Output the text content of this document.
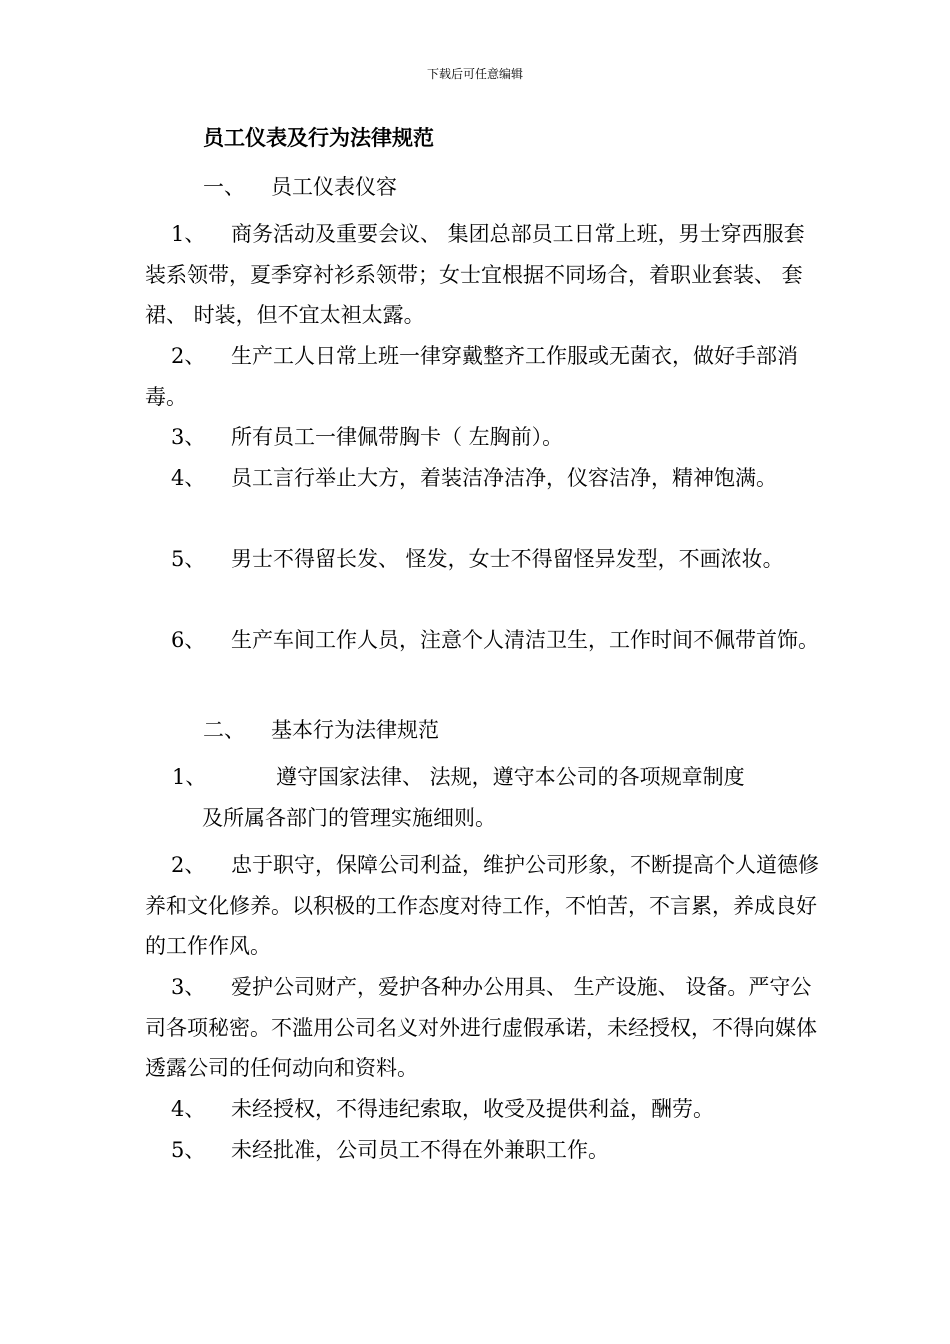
下载后可任意编辑
员工仪表及行为法律规范
一、 员工仪表仪容
1、 商务活动及重要会议、 集团总部员工日常上班，男士穿西服套装系领带，夏季穿衬衫系领带；女士宜根据不同场合，着职业套装、 套裙、 时装，但不宜太袒太露。
2、 生产工人日常上班一律穿戴整齐工作服或无菌衣，做好手部消毒。
3、 所有员工一律佩带胸卡（ 左胸前）。
4、 员工言行举止大方，着装洁净洁净，仪容洁净，精神饱满。
5、 男士不得留长发、 怪发，女士不得留怪异发型，不画浓妆。
6、 生产车间工作人员，注意个人清洁卫生，工作时间不佩带首饰。
二、 基本行为法律规范
1、	遵守国家法律、 法规，遵守本公司的各项规章制度
及所属各部门的管理实施细则。
2、 忠于职守，保障公司利益，维护公司形象，不断提高个人道德修养和文化修养。以积极的工作态度对待工作，不怕苦，不言累，养成良好的工作作风。
3、 爱护公司财产，爱护各种办公用具、 生产设施、 设备。严守公司各项秘密。不滥用公司名义对外进行虚假承诺，未经授权，不得向媒体透露公司的任何动向和资料。
4、 未经授权，不得违纪索取，收受及提供利益，酬劳。
5、 未经批准，公司员工不得在外兼职工作。
